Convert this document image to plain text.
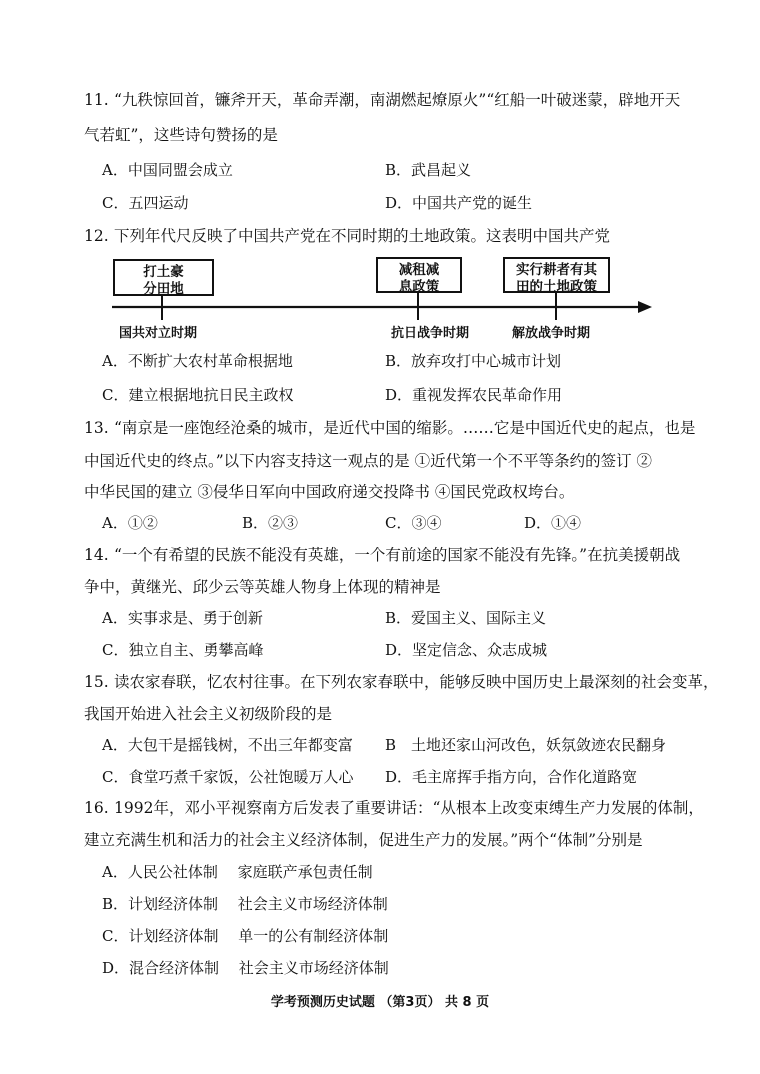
11. “九秩惊回首，镰斧开天，革命弄潮，南湖燃起燎原火”“红船一叶破迷蒙，辟地开天
气若虹”，这些诗句赞扬的是
A．中国同盟会成立	B．武昌起义
C．五四运动	D．中国共产党的诞生
12. 下列年代尺反映了中国共产党在不同时期的土地政策。这表明中国共产党
打土豪
分田地
减租减
息政策
实行耕者有其
田的土地政策
国共对立时期	抗日战争时期	解放战争时期
A．不断扩大农村革命根据地	B．放弃攻打中心城市计划
C．建立根据地抗日民主政权	D．重视发挥农民革命作用
13. “南京是一座饱经沧桑的城市，是近代中国的缩影。……它是中国近代史的起点，也是
中国近代史的终点。”以下内容支持这一观点的是 ①近代第一个不平等条约的签订 ②
中华民国的建立 ③侵华日军向中国政府递交投降书 ④国民党政权垮台。
A．①②	B．②③	C．③④	D．①④
14. “一个有希望的民族不能没有英雄，一个有前途的国家不能没有先锋。”在抗美援朝战
争中，黄继光、邱少云等英雄人物身上体现的精神是
A．实事求是、勇于创新	B．爱国主义、国际主义
C．独立自主、勇攀高峰	D．坚定信念、众志成城
15. 读农家春联，忆农村往事。在下列农家春联中，能够反映中国历史上最深刻的社会变革，
我国开始进入社会主义初级阶段的是
A．大包干是摇钱树，不出三年都变富 B　土地还家山河改色，妖氛敛迹农民翻身
C．食堂巧煮千家饭，公社饱暖万人心 D．毛主席挥手指方向，合作化道路宽
16. 1992年，邓小平视察南方后发表了重要讲话：“从根本上改变束缚生产力发展的体制，
建立充满生机和活力的社会主义经济体制，促进生产力的发展。”两个“体制”分别是
A．人民公社体制　 家庭联产承包责任制
B．计划经济体制　 社会主义市场经济体制
C．计划经济体制　 单一的公有制经济体制
D．混合经济体制　 社会主义市场经济体制
学考预测历史试题 （第3页） 共 8 页
